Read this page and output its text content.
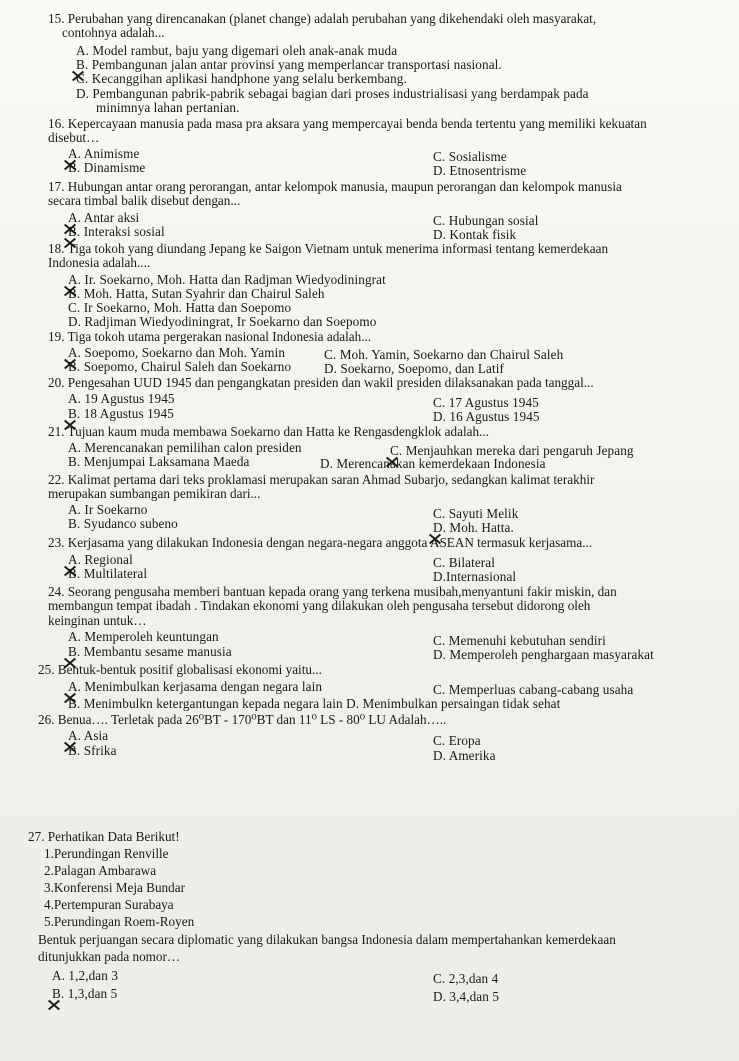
15. Perubahan yang direncanakan (planet change) adalah perubahan yang dikehendaki oleh masyarakat,
contohnya adalah...
A. Model rambut, baju yang digemari oleh anak-anak muda
B. Pembangunan jalan antar provinsi yang memperlancar transportasi nasional.
C. Kecanggihan aplikasi handphone yang selalu berkembang.
D. Pembangunan pabrik-pabrik sebagai bagian dari proses industrialisasi yang berdampak pada
minimnya lahan pertanian.
16. Kepercayaan manusia pada masa pra aksara yang mempercayai benda benda tertentu yang memiliki kekuatan
disebut…
A. Animisme
B. Dinamisme
C. Sosialisme
D. Etnosentrisme
17. Hubungan antar orang perorangan, antar kelompok manusia, maupun perorangan dan kelompok manusia
secara timbal balik disebut dengan...
A. Antar aksi
B. Interaksi sosial
C. Hubungan sosial
D. Kontak fisik
18. Tiga tokoh yang diundang Jepang ke Saigon Vietnam untuk menerima informasi tentang kemerdekaan
Indonesia adalah....
A. Ir. Soekarno, Moh. Hatta dan Radjman Wiedyodiningrat
B. Moh. Hatta, Sutan Syahrir dan Chairul Saleh
C. Ir Soekarno, Moh. Hatta dan Soepomo
D. Radjiman Wiedyodiningrat, Ir Soekarno dan Soepomo
19. Tiga tokoh utama pergerakan nasional Indonesia adalah...
A. Soepomo, Soekarno dan Moh. Yamin
B. Soepomo, Chairul Saleh dan Soekarno
C. Moh. Yamin, Soekarno dan Chairul Saleh
D. Soekarno, Soepomo, dan Latif
20. Pengesahan UUD 1945 dan pengangkatan presiden dan wakil presiden dilaksanakan pada tanggal...
A. 19 Agustus 1945
B. 18 Agustus 1945
C. 17 Agustus 1945
D. 16 Agustus 1945
21. Tujuan kaum muda membawa Soekarno dan Hatta ke Rengasdengklok adalah...
A. Merencanakan pemilihan calon presiden
B. Menjumpai Laksamana Maeda
C. Menjauhkan mereka dari pengaruh Jepang
D. Merencanakan kemerdekaan Indonesia
22. Kalimat pertama dari teks proklamasi merupakan saran Ahmad Subarjo, sedangkan kalimat terakhir
merupakan sumbangan pemikiran dari...
A. Ir Soekarno
B. Syudanco subeno
C. Sayuti Melik
D. Moh. Hatta.
23. Kerjasama yang dilakukan Indonesia dengan negara-negara anggota ASEAN termasuk kerjasama...
A. Regional
B. Multilateral
C. Bilateral
D.Internasional
24. Seorang pengusaha memberi bantuan kepada orang yang terkena musibah,menyantuni fakir miskin, dan
membangun tempat ibadah . Tindakan ekonomi yang dilakukan oleh pengusaha tersebut didorong oleh
keinginan untuk…
A. Memperoleh keuntungan
B. Membantu sesame manusia
C. Memenuhi kebutuhan sendiri
D. Memperoleh penghargaan masyarakat
25. Bentuk-bentuk positif globalisasi ekonomi yaitu...
A. Menimbulkan kerjasama dengan negara lain	C. Memperluas cabang-cabang usaha
B. Menimbulkn ketergantungan kepada negara lain D. Menimbulkan persaingan tidak sehat
26. Benua…. Terletak pada 26⁰BT - 170⁰BT dan 11⁰ LS - 80⁰ LU Adalah…..
A. Asia
B. Sfrika
C. Eropa
D. Amerika
27. Perhatikan Data Berikut!
1.Perundingan Renville
2.Palagan Ambarawa
3.Konferensi Meja Bundar
4.Pertempuran Surabaya
5.Perundingan Roem-Royen
Bentuk perjuangan secara diplomatic yang dilakukan bangsa Indonesia dalam mempertahankan kemerdekaan
ditunjukkan pada nomor…
A. 1,2,dan 3
B. 1,3,dan 5
C. 2,3,dan 4
D. 3,4,dan 5
